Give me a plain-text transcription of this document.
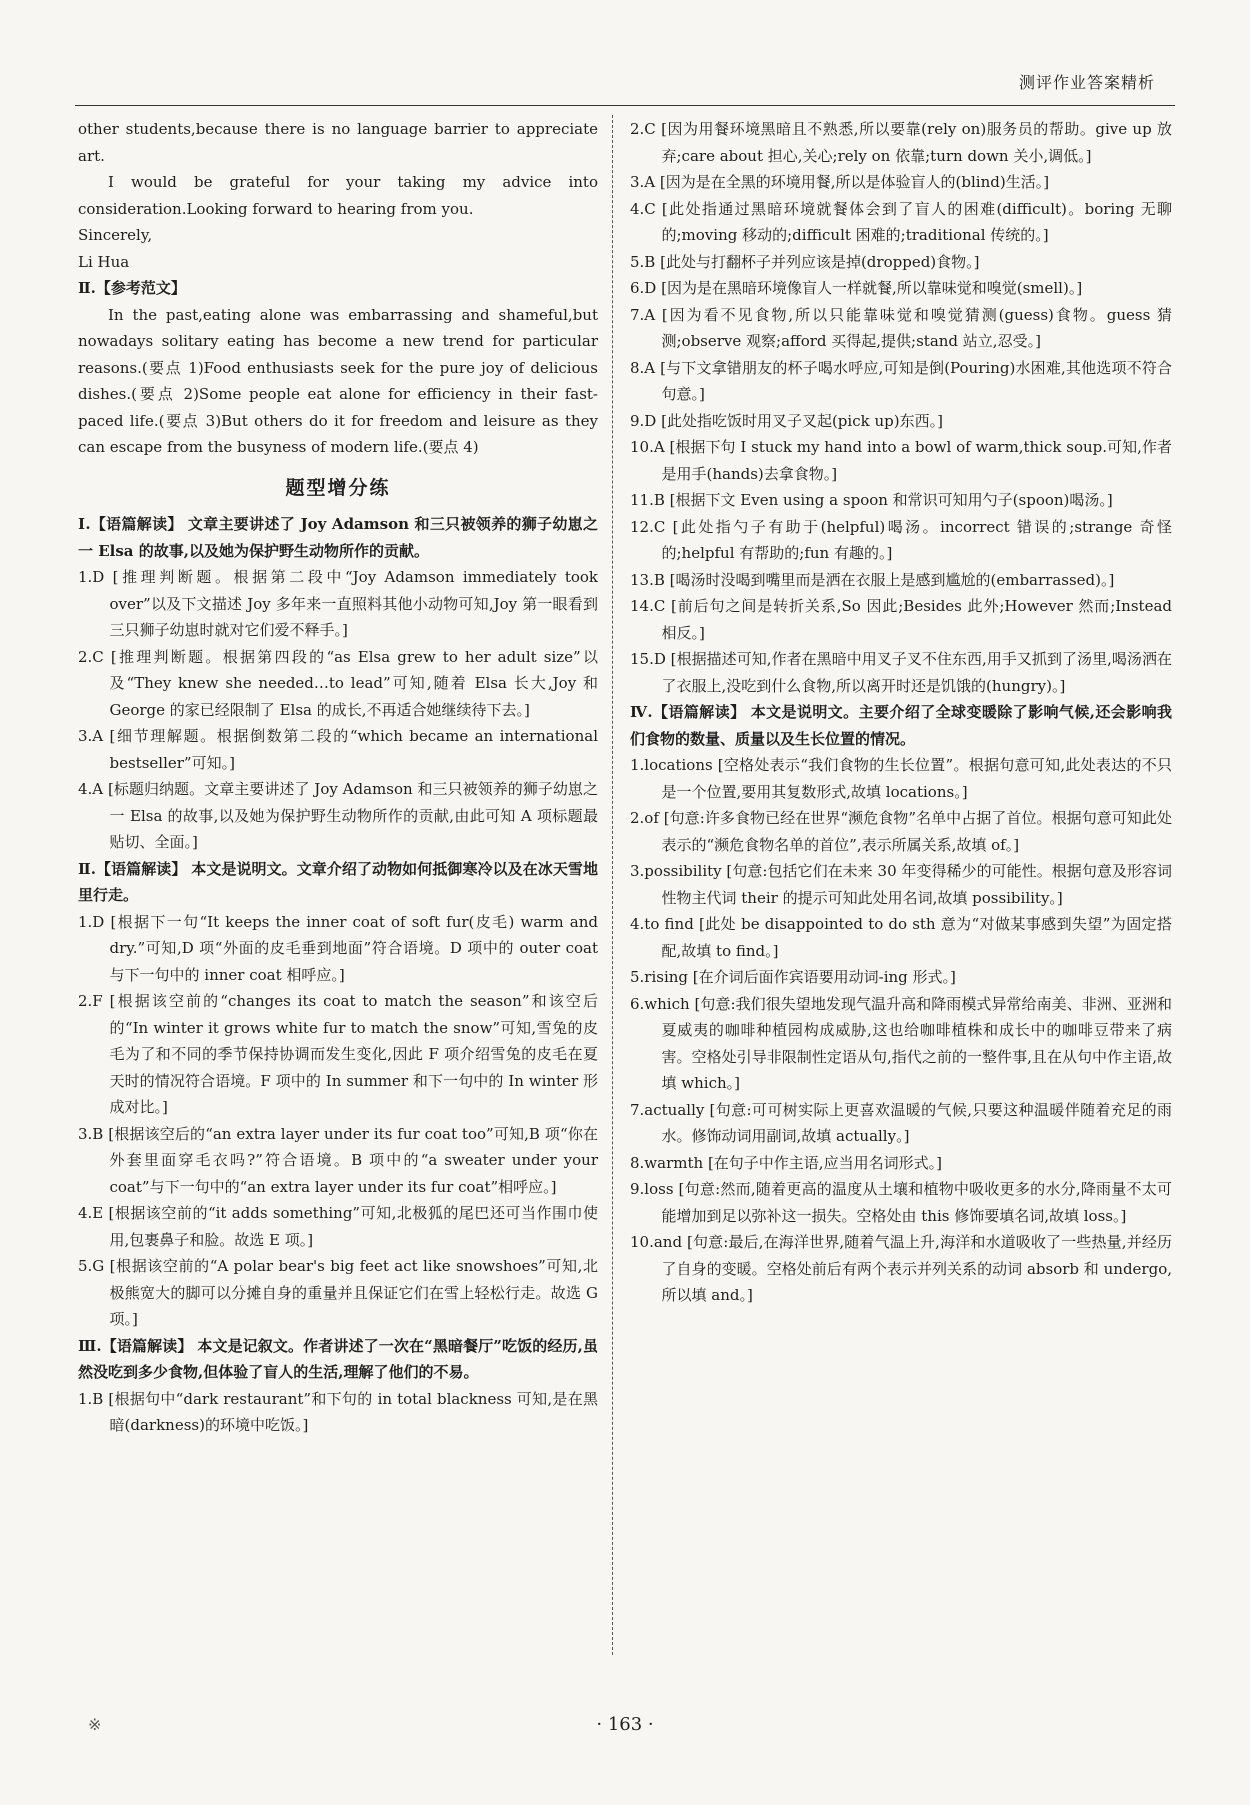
测评作业答案精析

other students,because there is no language barrier to appreciate art.

I would be grateful for your taking my advice into consideration.Looking forward to hearing from you.

Sincerely,

Li Hua

Ⅱ.【参考范文】

In the past,eating alone was embarrassing and shameful,but nowadays solitary eating has become a new trend for particular reasons.(要点 1)Food enthusiasts seek for the pure joy of delicious dishes.(要点 2)Some people eat alone for efficiency in their fast-paced life.(要点 3)But others do it for freedom and leisure as they can escape from the busyness of modern life.(要点 4)

题型增分练

Ⅰ.【语篇解读】 文章主要讲述了 Joy Adamson 和三只被领养的狮子幼崽之一 Elsa 的故事,以及她为保护野生动物所作的贡献。

1.D [推理判断题。根据第二段中“Joy Adamson immediately took over”以及下文描述 Joy 多年来一直照料其他小动物可知,Joy 第一眼看到三只狮子幼崽时就对它们爱不释手。]

2.C [推理判断题。根据第四段的“as Elsa grew to her adult size”以及“They knew she needed…to lead”可知,随着 Elsa 长大,Joy 和 George 的家已经限制了 Elsa 的成长,不再适合她继续待下去。]

3.A [细节理解题。根据倒数第二段的“which became an international bestseller”可知。]

4.A [标题归纳题。文章主要讲述了 Joy Adamson 和三只被领养的狮子幼崽之一 Elsa 的故事,以及她为保护野生动物所作的贡献,由此可知 A 项标题最贴切、全面。]

Ⅱ.【语篇解读】 本文是说明文。文章介绍了动物如何抵御寒冷以及在冰天雪地里行走。

1.D [根据下一句“It keeps the inner coat of soft fur(皮毛) warm and dry.”可知,D 项“外面的皮毛垂到地面”符合语境。D 项中的 outer coat 与下一句中的 inner coat 相呼应。]

2.F [根据该空前的“changes its coat to match the season”和该空后的“In winter it grows white fur to match the snow”可知,雪兔的皮毛为了和不同的季节保持协调而发生变化,因此 F 项介绍雪兔的皮毛在夏天时的情况符合语境。F 项中的 In summer 和下一句中的 In winter 形成对比。]

3.B [根据该空后的“an extra layer under its fur coat too”可知,B 项“你在外套里面穿毛衣吗?”符合语境。B 项中的“a sweater under your coat”与下一句中的“an extra layer under its fur coat”相呼应。]

4.E [根据该空前的“it adds something”可知,北极狐的尾巴还可当作围巾使用,包裹鼻子和脸。故选 E 项。]

5.G [根据该空前的“A polar bear's big feet act like snowshoes”可知,北极熊宽大的脚可以分摊自身的重量并且保证它们在雪上轻松行走。故选 G 项。]

Ⅲ.【语篇解读】 本文是记叙文。作者讲述了一次在“黑暗餐厅”吃饭的经历,虽然没吃到多少食物,但体验了盲人的生活,理解了他们的不易。

1.B [根据句中“dark restaurant”和下句的 in total blackness 可知,是在黑暗(darkness)的环境中吃饭。]

2.C [因为用餐环境黑暗且不熟悉,所以要靠(rely on)服务员的帮助。give up 放弃;care about 担心,关心;rely on 依靠;turn down 关小,调低。]

3.A [因为是在全黑的环境用餐,所以是体验盲人的(blind)生活。]

4.C [此处指通过黑暗环境就餐体会到了盲人的困难(difficult)。boring 无聊的;moving 移动的;difficult 困难的;traditional 传统的。]

5.B [此处与打翻杯子并列应该是掉(dropped)食物。]

6.D [因为是在黑暗环境像盲人一样就餐,所以靠味觉和嗅觉(smell)。]

7.A [因为看不见食物,所以只能靠味觉和嗅觉猜测(guess)食物。guess 猜测;observe 观察;afford 买得起,提供;stand 站立,忍受。]

8.A [与下文拿错朋友的杯子喝水呼应,可知是倒(Pouring)水困难,其他选项不符合句意。]

9.D [此处指吃饭时用叉子叉起(pick up)东西。]

10.A [根据下句 I stuck my hand into a bowl of warm,thick soup.可知,作者是用手(hands)去拿食物。]

11.B [根据下文 Even using a spoon 和常识可知用勺子(spoon)喝汤。]

12.C [此处指勺子有助于(helpful)喝汤。incorrect 错误的;strange 奇怪的;helpful 有帮助的;fun 有趣的。]

13.B [喝汤时没喝到嘴里而是洒在衣服上是感到尴尬的(embarrassed)。]

14.C [前后句之间是转折关系,So 因此;Besides 此外;However 然而;Instead 相反。]

15.D [根据描述可知,作者在黑暗中用叉子叉不住东西,用手又抓到了汤里,喝汤洒在了衣服上,没吃到什么食物,所以离开时还是饥饿的(hungry)。]

Ⅳ.【语篇解读】 本文是说明文。主要介绍了全球变暖除了影响气候,还会影响我们食物的数量、质量以及生长位置的情况。

1.locations [空格处表示“我们食物的生长位置”。根据句意可知,此处表达的不只是一个位置,要用其复数形式,故填 locations。]

2.of [句意:许多食物已经在世界“濒危食物”名单中占据了首位。根据句意可知此处表示的“濒危食物名单的首位”,表示所属关系,故填 of。]

3.possibility [句意:包括它们在未来 30 年变得稀少的可能性。根据句意及形容词性物主代词 their 的提示可知此处用名词,故填 possibility。]

4.to find [此处 be disappointed to do sth 意为“对做某事感到失望”为固定搭配,故填 to find。]

5.rising [在介词后面作宾语要用动词-ing 形式。]

6.which [句意:我们很失望地发现气温升高和降雨模式异常给南美、非洲、亚洲和夏威夷的咖啡种植园构成威胁,这也给咖啡植株和成长中的咖啡豆带来了病害。空格处引导非限制性定语从句,指代之前的一整件事,且在从句中作主语,故填 which。]

7.actually [句意:可可树实际上更喜欢温暖的气候,只要这种温暖伴随着充足的雨水。修饰动词用副词,故填 actually。]

8.warmth [在句子中作主语,应当用名词形式。]

9.loss [句意:然而,随着更高的温度从土壤和植物中吸收更多的水分,降雨量不太可能增加到足以弥补这一损失。空格处由 this 修饰要填名词,故填 loss。]

10.and [句意:最后,在海洋世界,随着气温上升,海洋和水道吸收了一些热量,并经历了自身的变暖。空格处前后有两个表示并列关系的动词 absorb 和 undergo,所以填 and。]

※	· 163 ·
